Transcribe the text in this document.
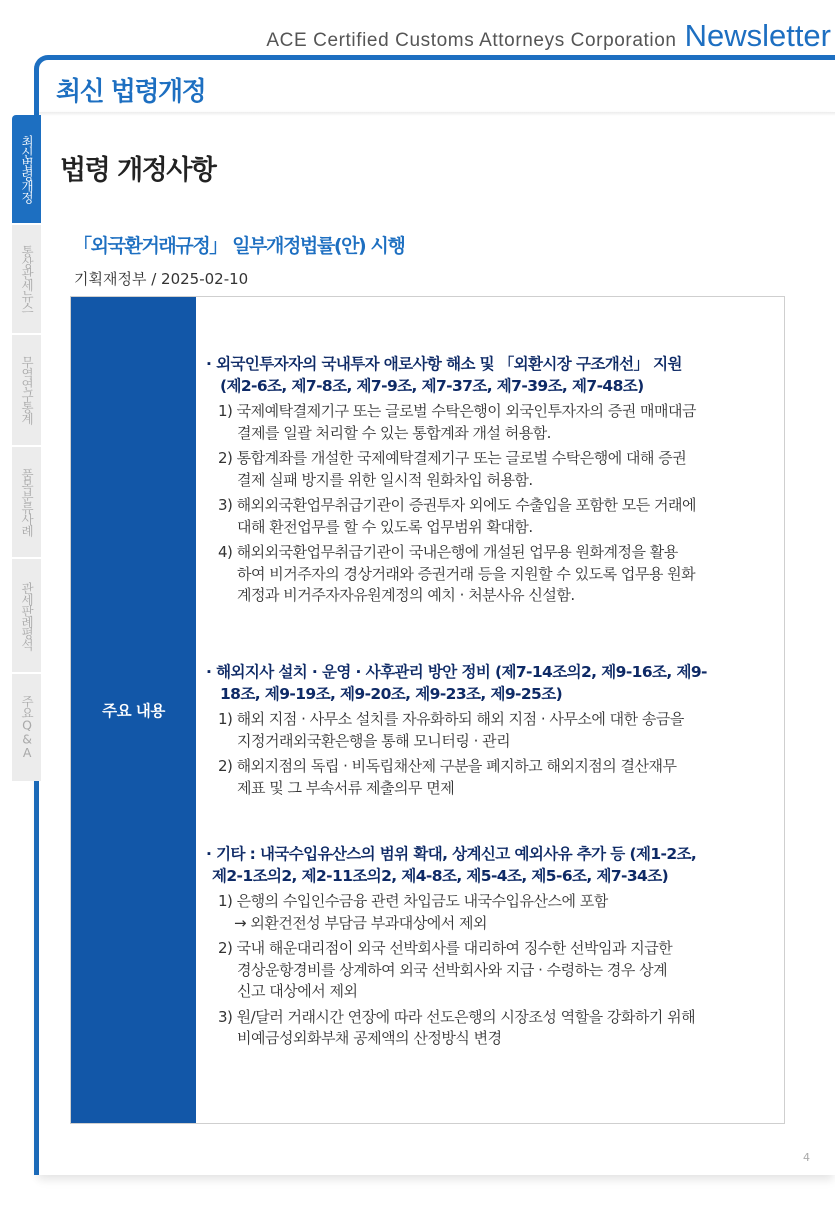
ACE Certified Customs Attorneys Corporation Newsletter
최신 법령개정
최신법령개정
통상관세뉴스
무역연구통계
품목분류사례
관세판례평석
주요Q&A
법령 개정사항
「외국환거래규정」 일부개정법률(안) 시행
기획재정부 / 2025-02-10
주요 내용
· 외국인투자자의 국내투자 애로사항 해소 및 「외환시장 구조개선」 지원
(제2-6조, 제7-8조, 제7-9조, 제7-37조, 제7-39조, 제7-48조)
1) 국제예탁결제기구 또는 글로벌 수탁은행이 외국인투자자의 증권 매매대금
결제를 일괄 처리할 수 있는 통합계좌 개설 허용함.
2) 통합계좌를 개설한 국제예탁결제기구 또는 글로벌 수탁은행에 대해 증권
결제 실패 방지를 위한 일시적 원화차입 허용함.
3) 해외외국환업무취급기관이 증권투자 외에도 수출입을 포함한 모든 거래에
대해 환전업무를 할 수 있도록 업무범위 확대함.
4) 해외외국환업무취급기관이 국내은행에 개설된 업무용 원화계정을 활용
하여 비거주자의 경상거래와 증권거래 등을 지원할 수 있도록 업무용 원화
계정과 비거주자자유원계정의 예치 · 처분사유 신설함.
· 해외지사 설치 · 운영 · 사후관리 방안 정비 (제7-14조의2, 제9-16조, 제9-
18조, 제9-19조, 제9-20조, 제9-23조, 제9-25조)
1) 해외 지점 · 사무소 설치를 자유화하되 해외 지점 · 사무소에 대한 송금을
지정거래외국환은행을 통해 모니터링 · 관리
2) 해외지점의 독립 · 비독립채산제 구분을 폐지하고 해외지점의 결산재무
제표 및 그 부속서류 제출의무 면제
· 기타 : 내국수입유산스의 범위 확대, 상계신고 예외사유 추가 등 (제1-2조,
제2-1조의2, 제2-11조의2, 제4-8조, 제5-4조, 제5-6조, 제7-34조)
1) 은행의 수입인수금융 관련 차입금도 내국수입유산스에 포함
→ 외환건전성 부담금 부과대상에서 제외
2) 국내 해운대리점이 외국 선박회사를 대리하여 징수한 선박임과 지급한
경상운항경비를 상계하여 외국 선박회사와 지급 · 수령하는 경우 상계
신고 대상에서 제외
3) 원/달러 거래시간 연장에 따라 선도은행의 시장조성 역할을 강화하기 위해
비예금성외화부채 공제액의 산정방식 변경
4
